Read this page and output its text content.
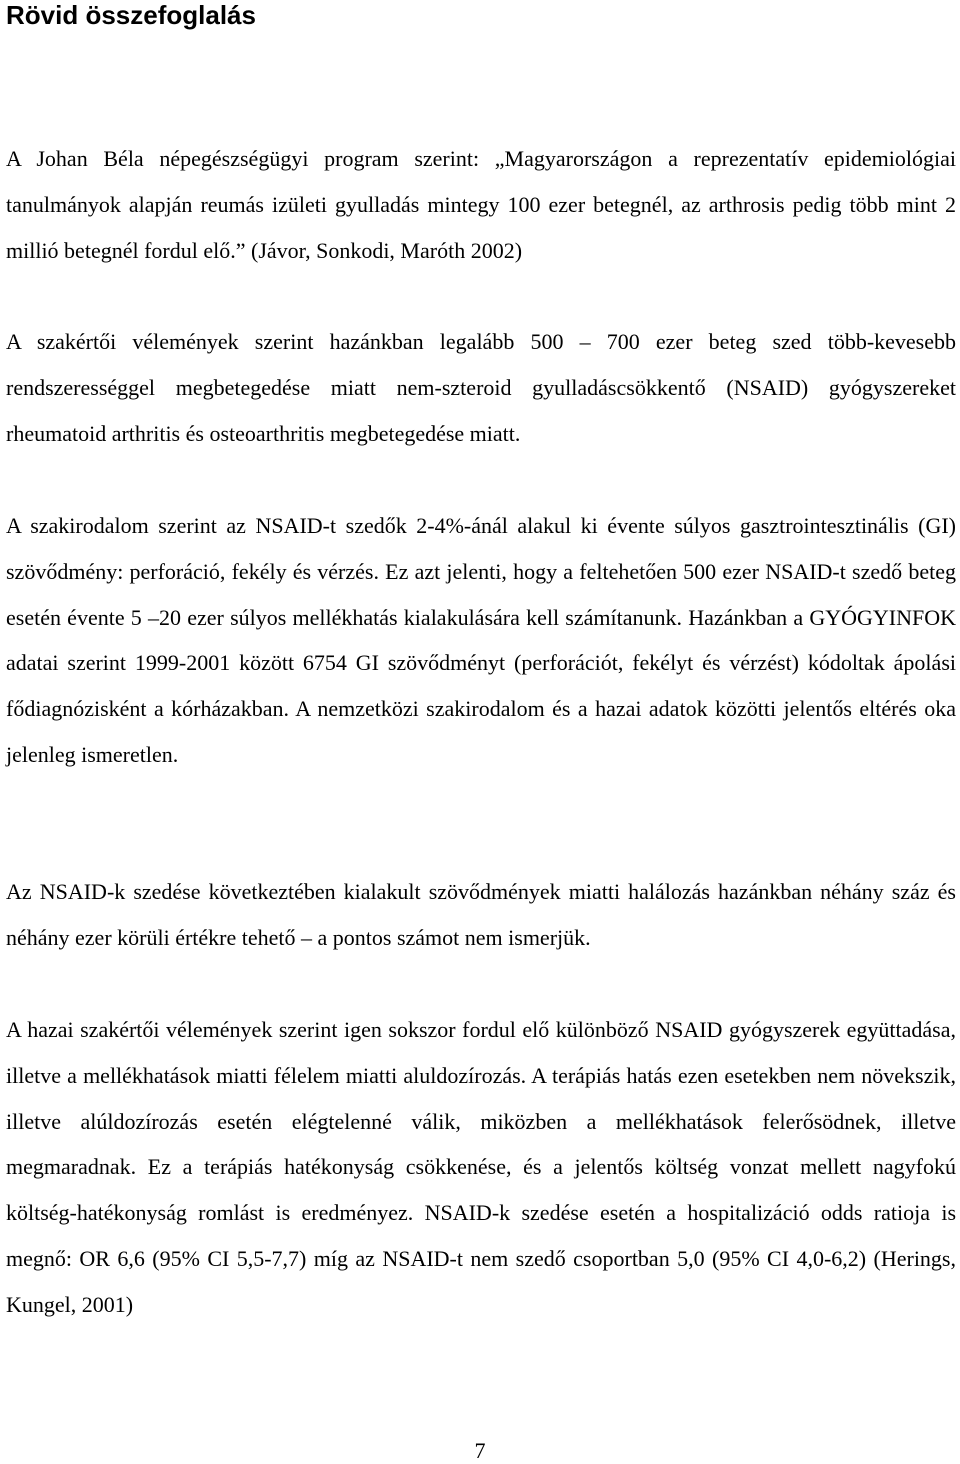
Rövid összefoglalás

A Johan Béla népegészségügyi program szerint: „Magyarországon a reprezentatív epidemiológiai tanulmányok alapján reumás izületi gyulladás mintegy 100 ezer betegnél, az arthrosis pedig több mint 2 millió betegnél fordul elő.” (Jávor, Sonkodi, Maróth 2002)

A szakértői vélemények szerint hazánkban legalább 500 – 700 ezer beteg szed több-kevesebb rendszerességgel megbetegedése miatt nem-szteroid gyulladáscsökkentő (NSAID) gyógyszereket rheumatoid arthritis és osteoarthritis megbetegedése miatt.

A szakirodalom szerint az NSAID-t szedők 2-4%-ánál alakul ki évente súlyos gasztrointesztinális (GI) szövődmény: perforáció, fekély és vérzés. Ez azt jelenti, hogy a feltehetően 500 ezer NSAID-t szedő beteg esetén évente 5 –20 ezer súlyos mellékhatás kialakulására kell számítanunk. Hazánkban a GYÓGYINFOK adatai szerint 1999-2001 között 6754 GI szövődményt (perforációt, fekélyt és vérzést) kódoltak ápolási fődiagnózisként a kórházakban. A nemzetközi szakirodalom és a hazai adatok közötti jelentős eltérés oka jelenleg ismeretlen.

Az NSAID-k szedése következtében kialakult szövődmények miatti halálozás hazánkban néhány száz és néhány ezer körüli értékre tehető – a pontos számot nem ismerjük.

A hazai szakértői vélemények szerint igen sokszor fordul elő különböző NSAID gyógyszerek együttadása, illetve a mellékhatások miatti félelem miatti aluldozírozás. A terápiás hatás ezen esetekben nem növekszik, illetve alúldozírozás esetén elégtelenné válik, miközben a mellékhatások felerősödnek, illetve megmaradnak. Ez a terápiás hatékonyság csökkenése, és a jelentős költség vonzat mellett nagyfokú költség-hatékonyság romlást is eredményez. NSAID-k szedése esetén a hospitalizáció odds ratioja is megnő: OR 6,6 (95% CI 5,5-7,7) míg az NSAID-t nem szedő csoportban 5,0 (95% CI 4,0-6,2) (Herings, Kungel, 2001)

7
